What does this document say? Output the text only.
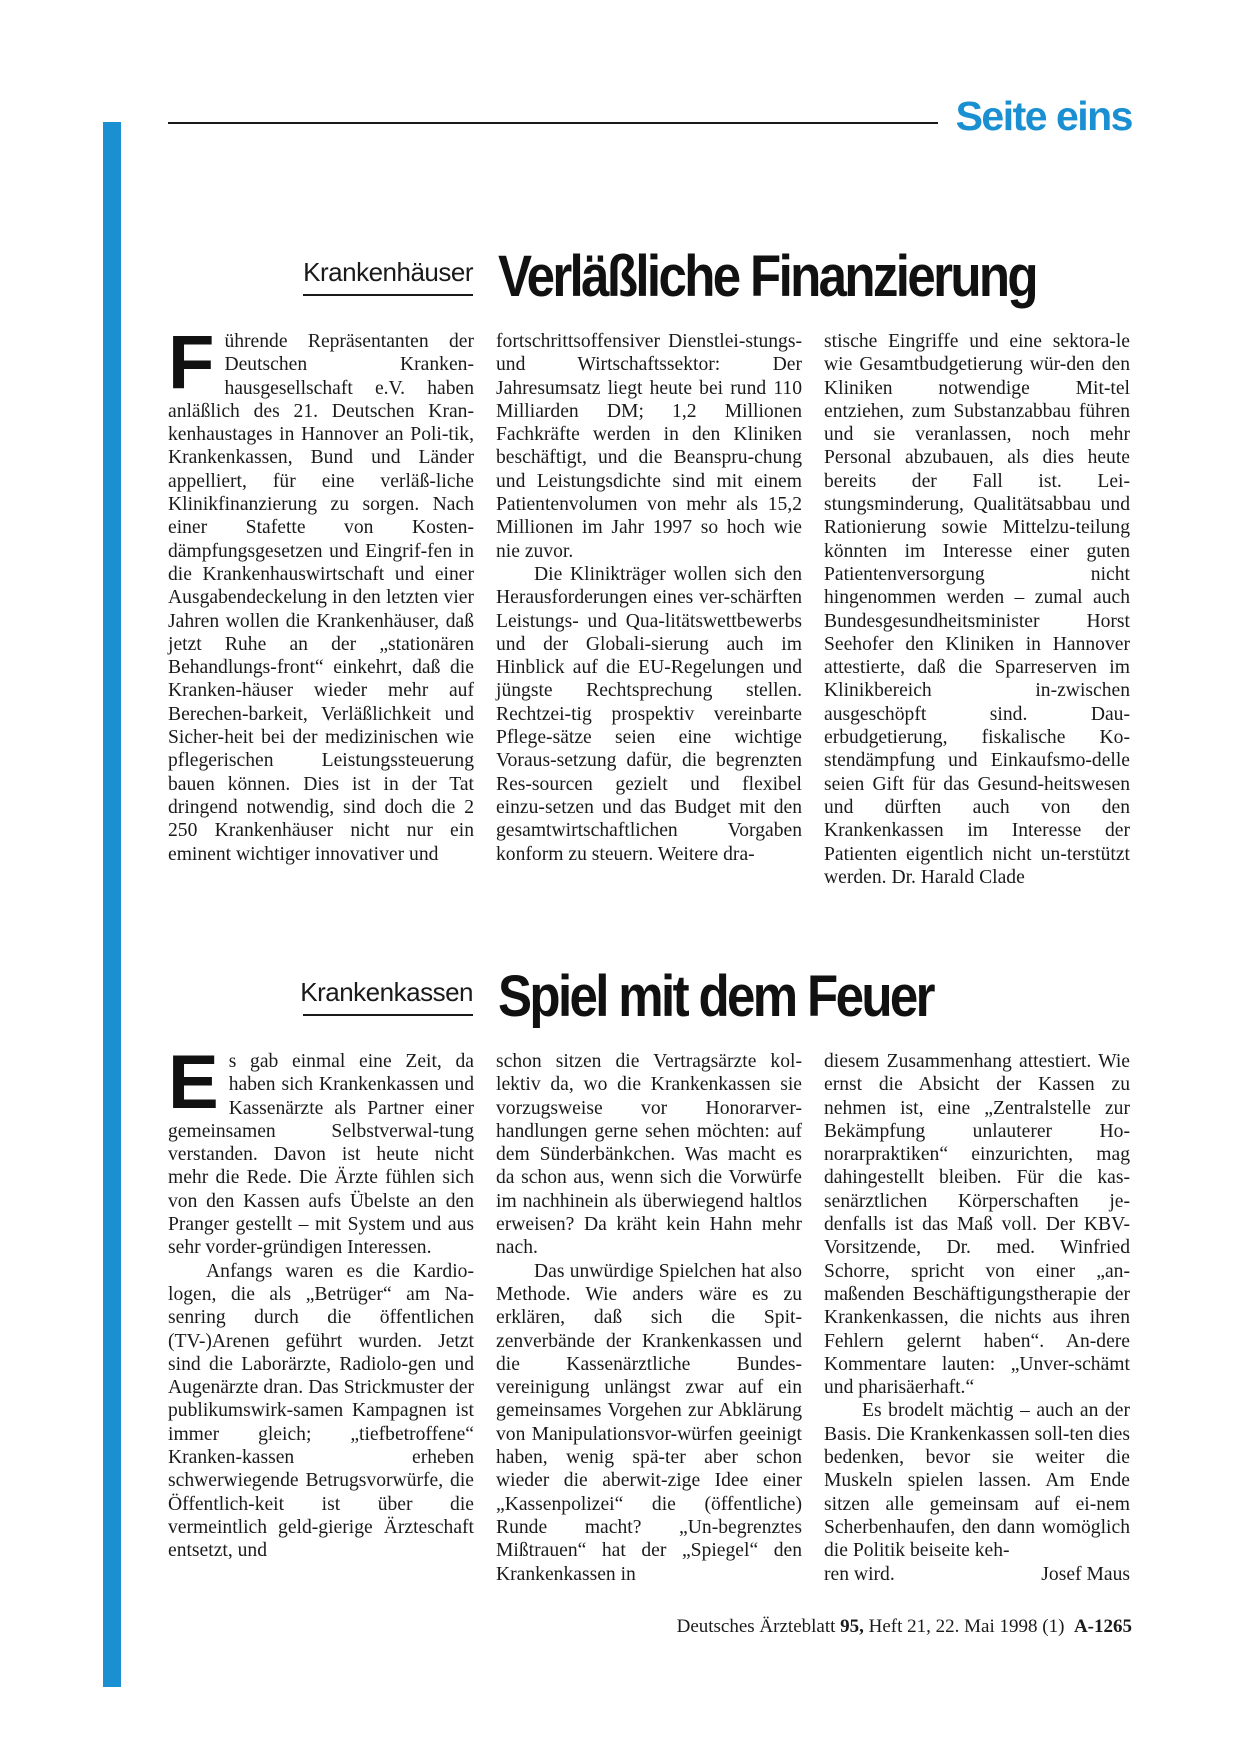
Seite eins
Krankenhäuser Verläßliche Finanzierung

Führende Repräsentanten der Deutschen Kranken-hausgesellschaft e.V. haben anläßlich des 21. Deutschen Kran-kenhaustages in Hannover an Poli-tik, Krankenkassen, Bund und Länder appelliert, für eine verläß-liche Klinikfinanzierung zu sorgen. Nach einer Stafette von Kosten-dämpfungsgesetzen und Eingrif-fen in die Krankenhauswirtschaft und einer Ausgabendeckelung in den letzten vier Jahren wollen die Krankenhäuser, daß jetzt Ruhe an der „stationären Behandlungs-front“ einkehrt, daß die Kranken-häuser wieder mehr auf Berechen-barkeit, Verläßlichkeit und Sicher-heit bei der medizinischen wie pflegerischen Leistungssteuerung bauen können. Dies ist in der Tat dringend notwendig, sind doch die 2 250 Krankenhäuser nicht nur ein eminent wichtiger innovativer und

fortschrittsoffensiver Dienstlei-stungs- und Wirtschaftssektor: Der Jahresumsatz liegt heute bei rund 110 Milliarden DM; 1,2 Millionen Fachkräfte werden in den Kliniken beschäftigt, und die Beanspru-chung und Leistungsdichte sind mit einem Patientenvolumen von mehr als 15,2 Millionen im Jahr 1997 so hoch wie nie zuvor.

Die Klinikträger wollen sich den Herausforderungen eines ver-schärften Leistungs- und Qua-litätswettbewerbs und der Globali-sierung auch im Hinblick auf die EU-Regelungen und jüngste Rechtsprechung stellen. Rechtzei-tig prospektiv vereinbarte Pflege-sätze seien eine wichtige Voraus-setzung dafür, die begrenzten Res-sourcen gezielt und flexibel einzu-setzen und das Budget mit den gesamtwirtschaftlichen Vorgaben konform zu steuern. Weitere dra-

stische Eingriffe und eine sektora-le wie Gesamtbudgetierung wür-den den Kliniken notwendige Mit-tel entziehen, zum Substanzabbau führen und sie veranlassen, noch mehr Personal abzubauen, als dies heute bereits der Fall ist. Lei-stungsminderung, Qualitätsabbau und Rationierung sowie Mittelzu-teilung könnten im Interesse einer guten Patientenversorgung nicht hingenommen werden – zumal auch Bundesgesundheitsminister Horst Seehofer den Kliniken in Hannover attestierte, daß die Sparreserven im Klinikbereich in-zwischen ausgeschöpft sind. Dau-erbudgetierung, fiskalische Ko-stendämpfung und Einkaufsmo-delle seien Gift für das Gesund-heitswesen und dürften auch von den Krankenkassen im Interesse der Patienten eigentlich nicht un-terstützt werden. Dr. Harald Clade

Krankenkassen Spiel mit dem Feuer

Es gab einmal eine Zeit, da haben sich Krankenkassen und Kassenärzte als Partner einer gemeinsamen Selbstverwal-tung verstanden. Davon ist heute nicht mehr die Rede. Die Ärzte fühlen sich von den Kassen aufs Übelste an den Pranger gestellt – mit System und aus sehr vorder-gründigen Interessen.

Anfangs waren es die Kardio-logen, die als „Betrüger“ am Na-senring durch die öffentlichen (TV-)Arenen geführt wurden. Jetzt sind die Laborärzte, Radiolo-gen und Augenärzte dran. Das Strickmuster der publikumswirk-samen Kampagnen ist immer gleich; „tiefbetroffene“ Kranken-kassen erheben schwerwiegende Betrugsvorwürfe, die Öffentlich-keit ist über die vermeintlich geld-gierige Ärzteschaft entsetzt, und

schon sitzen die Vertragsärzte kol-lektiv da, wo die Krankenkassen sie vorzugsweise vor Honorarver-handlungen gerne sehen möchten: auf dem Sünderbänkchen. Was macht es da schon aus, wenn sich die Vorwürfe im nachhinein als überwiegend haltlos erweisen? Da kräht kein Hahn mehr nach.

Das unwürdige Spielchen hat also Methode. Wie anders wäre es zu erklären, daß sich die Spit-zenverbände der Krankenkassen und die Kassenärztliche Bundes-vereinigung unlängst zwar auf ein gemeinsames Vorgehen zur Abklärung von Manipulationsvor-würfen geeinigt haben, wenig spä-ter aber schon wieder die aberwit-zige Idee einer „Kassenpolizei“ die (öffentliche) Runde macht? „Un-begrenztes Mißtrauen“ hat der „Spiegel“ den Krankenkassen in

diesem Zusammenhang attestiert. Wie ernst die Absicht der Kassen zu nehmen ist, eine „Zentralstelle zur Bekämpfung unlauterer Ho-norarpraktiken“ einzurichten, mag dahingestellt bleiben. Für die kas-senärztlichen Körperschaften je-denfalls ist das Maß voll. Der KBV-Vorsitzende, Dr. med. Winfried Schorre, spricht von einer „an-maßenden Beschäftigungstherapie der Krankenkassen, die nichts aus ihren Fehlern gelernt haben“. An-dere Kommentare lauten: „Unver-schämt und pharisäerhaft.“

Es brodelt mächtig – auch an der Basis. Die Krankenkassen soll-ten dies bedenken, bevor sie weiter die Muskeln spielen lassen. Am Ende sitzen alle gemeinsam auf ei-nem Scherbenhaufen, den dann womöglich die Politik beiseite keh-

ren wird.	Josef Maus
Deutsches Ärzteblatt 95, Heft 21, 22. Mai 1998 (1) A-1265
